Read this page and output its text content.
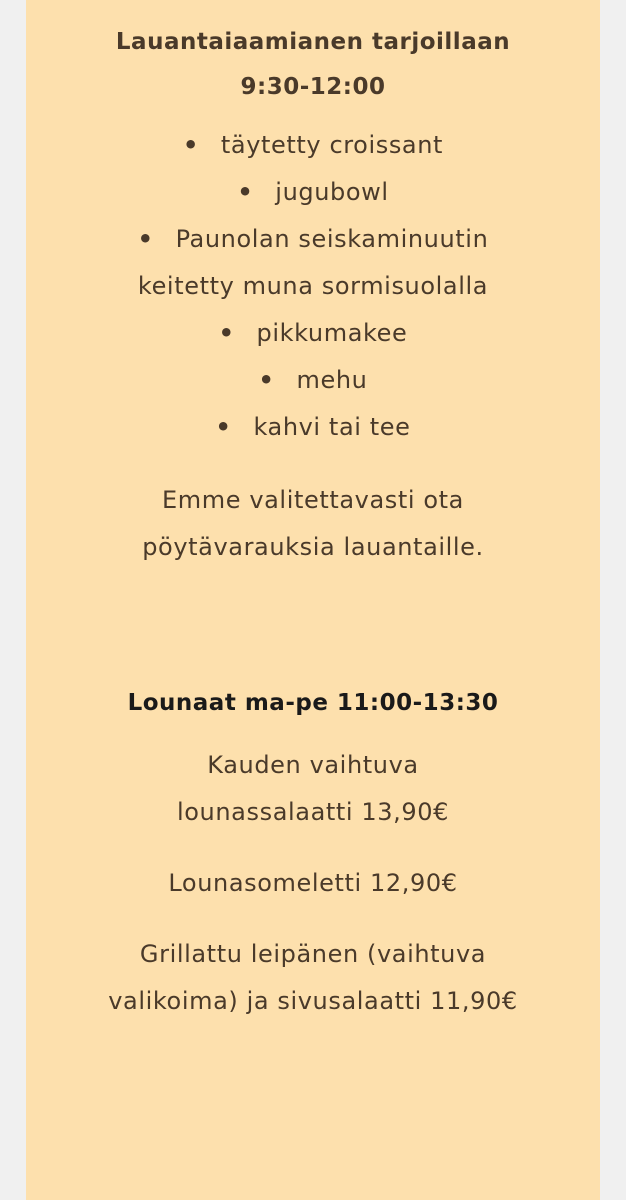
Lauantaiaamianen tarjoillaan
9:30-12:00
• täytetty croissant
• jugubowl
• Paunolan seiskaminuutin keitetty muna sormisuolalla
• pikkumakee
• mehu
• kahvi tai tee
Emme valitettavasti ota pöytävarauksia lauantaille.
Lounaat ma-pe 11:00-13:30
Kauden vaihtuva lounassalaatti 13,90€
Lounasomeletti 12,90€
Grillattu leipänen (vaihtuva valikoima) ja sivusalaatti 11,90€
